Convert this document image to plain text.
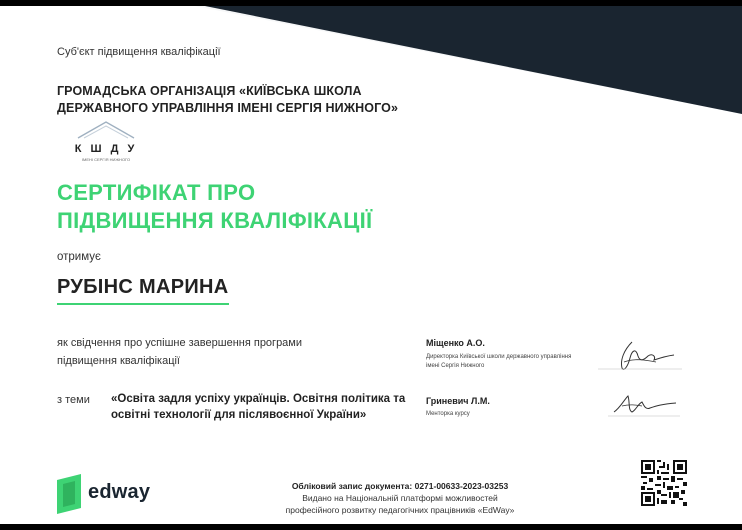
Суб'єкт підвищення кваліфікації
ГРОМАДСЬКА ОРГАНІЗАЦІЯ «КИЇВСЬКА ШКОЛА ДЕРЖАВНОГО УПРАВЛІННЯ ІМЕНІ СЕРГІЯ НИЖНОГО»
К Ш Д У
ІМЕНІ СЕРГІЯ НИЖНОГО
СЕРТИФІКАТ ПРО
ПІДВИЩЕННЯ КВАЛІФІКАЦІЇ
отримує
РУБІНС МАРИНА
як свідчення про успішне завершення програми підвищення кваліфікації
з теми «Освіта задля успіху українців. Освітня політика та освітні технології для післявоєнної України»
Міщенко А.О.
Директорка Київської школи державного управління імені Сергія Нижного
Гриневич Л.М.
Менторка курсу
edway	Обліковий запис документа: 0271-00633-2023-03253
Видано на Національній платформі можливостей
професійного розвитку педагогічних працівників «EdWay»
